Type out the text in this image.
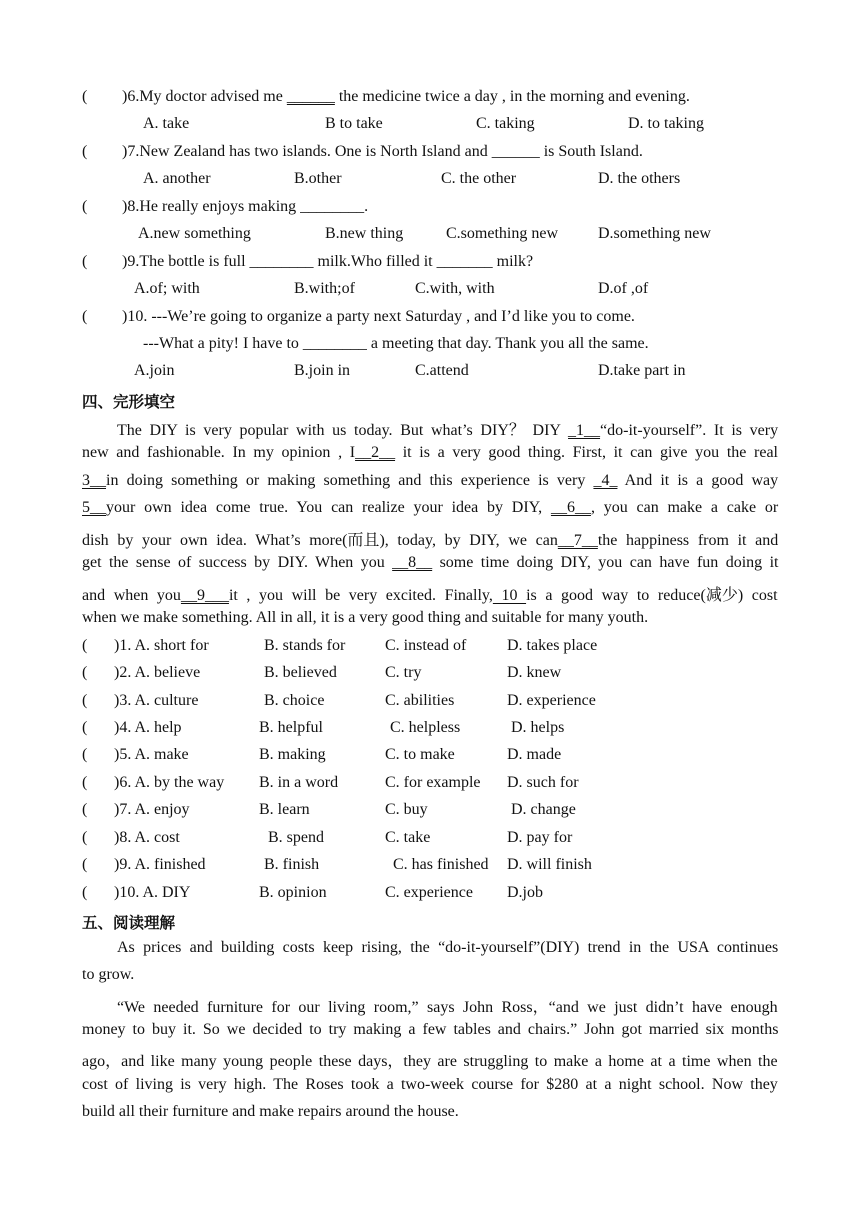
( )6.My doctor advised me ______ the medicine twice a day , in the morning and evening.
A. take	B to take	C. taking	D. to taking
( )7.New Zealand has two islands. One is North Island and ______ is South Island.
A. another	B.other	C. the other	D. the others
( )8.He really enjoys making ________.
A.new something	B.new thing	C.something new	D.something new
( )9.The bottle is full ________ milk.Who filled it _______ milk?
A.of; with	B.with;of	C.with, with	D.of ,of
( )10. ---We’re going to organize a party next Saturday , and I’d like you to come.
---What a pity! I have to ________ a meeting that day. Thank you all the same.
A.join	B.join in	C.attend	D.take part in
四、完形填空
The DIY is very popular with us today. But what’s DIY？ DIY _1__“do-it-yourself”. It is very
new and fashionable. In my opinion , I__2__ it is a very good thing. First, it can give you the real
3__in doing something or making something and this experience is very _4_ And it is a good way
5__your own idea come true. You can realize your idea by DIY, __6__, you can make a cake or
dish by your own idea. What’s more(而且), today, by DIY, we can__7__the happiness from it and
get the sense of success by DIY. When you __8__ some time doing DIY, you can have fun doing it
and when you__9___it , you will be very excited. Finally, 10 is a good way to reduce(减少) cost
when we make something. All in all, it is a very good thing and suitable for many youth.
( )1. A. short for	B. stands for C. instead of	D. takes place
( )2. A. believe	B. believed	C. try	D. knew
( )3. A. culture	B. choice	C. abilities	D. experience
( )4. A. help	B. helpful	C. helpless	D. helps
( )5. A. make	B. making	C. to make	D. made
( )6. A. by the way B. in a word	C. for example D. such for
( )7. A. enjoy	B. learn	C. buy	D. change
( )8. A. cost	B. spend	C. take	D. pay for
( )9. A. finished	B. finish	C. has finished D. will finish
( )10. A. DIY	B. opinion	C. experience D.job
五、阅读理解
As prices and building costs keep rising, the “do-it-yourself”(DIY) trend in the USA continues
to grow.
“We needed furniture for our living room,” says John Ross，“and we just didn’t have enough
money to buy it. So we decided to try making a few tables and chairs.” John got married six months
ago，and like many young people these days，they are struggling to make a home at a time when the
cost of living is very high. The Roses took a two-week course for $280 at a night school. Now they
build all their furniture and make repairs around the house.
